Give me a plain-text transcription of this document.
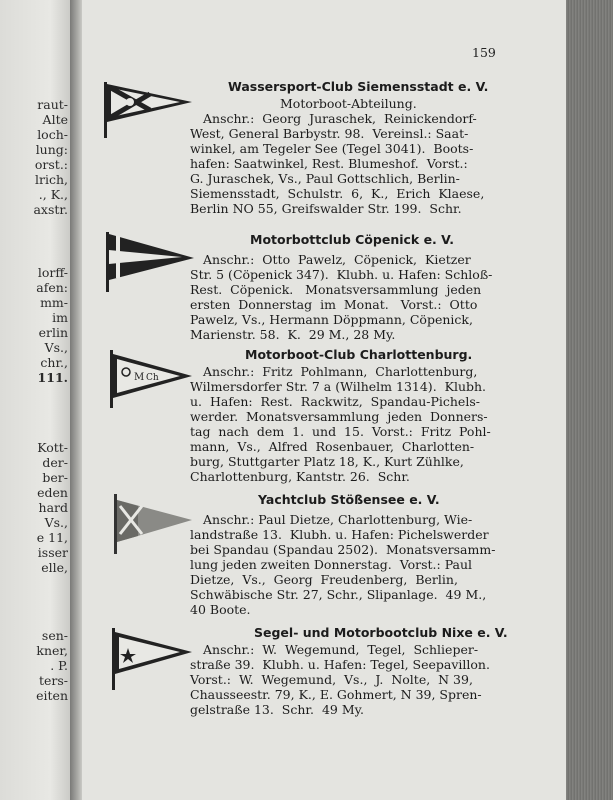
raut-
Alte
loch-
lung:
orst.:
lrich,
., K.,
axstr.
lorff-
afen:
mm-
im
erlin
Vs.,
chr.,
111.
Kott-
der-
ber-
eden
hard
Vs.,
e 11,
isser
elle,
sen-
kner,
. P.
ters-
eiten
159
Wassersport-Club Siemensstadt e. V.
Motorboot-Abteilung.
Anschr.:  Georg  Juraschek,  Reinickendorf-
West, General Barbystr. 98.  Vereinsl.: Saat-
winkel, am Tegeler See (Tegel 3041).  Boots-
hafen: Saatwinkel, Rest. Blumeshof.  Vorst.:
G. Juraschek, Vs., Paul Gottschlich, Berlin-
Siemensstadt,  Schulstr.  6,  K.,  Erich  Klaese,
Berlin NO 55, Greifswalder Str. 199.  Schr.
Motorbottclub Cöpenick e. V.
Anschr.:  Otto  Pawelz,  Cöpenick,  Kietzer
Str. 5 (Cöpenick 347).  Klubh. u. Hafen: Schloß-
Rest.  Cöpenick.   Monatsversammlung  jeden
ersten  Donnerstag  im  Monat.   Vorst.:  Otto
Pawelz, Vs., Hermann Döppmann, Cöpenick,
Marienstr. 58.  K.  29 M., 28 My.
M Ch
Motorboot-Club Charlottenburg.
Anschr.:  Fritz  Pohlmann,  Charlottenburg,
Wilmersdorfer Str. 7 a (Wilhelm 1314).  Klubh.
u.  Hafen:  Rest.  Rackwitz,  Spandau-Pichels-
werder.  Monatsversammlung  jeden  Donners-
tag  nach  dem  1.  und  15.  Vorst.:  Fritz  Pohl-
mann,  Vs.,  Alfred  Rosenbauer,  Charlotten-
burg, Stuttgarter Platz 18, K., Kurt Zühlke,
Charlottenburg, Kantstr. 26.  Schr.
Yachtclub Stößensee e. V.
Anschr.: Paul Dietze, Charlottenburg, Wie-
landstraße 13.  Klubh. u. Hafen: Pichelswerder
bei Spandau (Spandau 2502).  Monatsversamm-
lung jeden zweiten Donnerstag.  Vorst.: Paul
Dietze,  Vs.,  Georg  Freudenberg,  Berlin,
Schwäbische Str. 27, Schr., Slipanlage.  49 M.,
40 Boote.
Segel- und Motorbootclub Nixe e. V.
Anschr.:  W.  Wegemund,  Tegel,  Schlieper-
straße 39.  Klubh. u. Hafen: Tegel, Seepavillon.
Vorst.:  W.  Wegemund,  Vs.,  J.  Nolte,  N 39,
Chausseestr. 79, K., E. Gohmert, N 39, Spren-
gelstraße 13.  Schr.  49 My.
